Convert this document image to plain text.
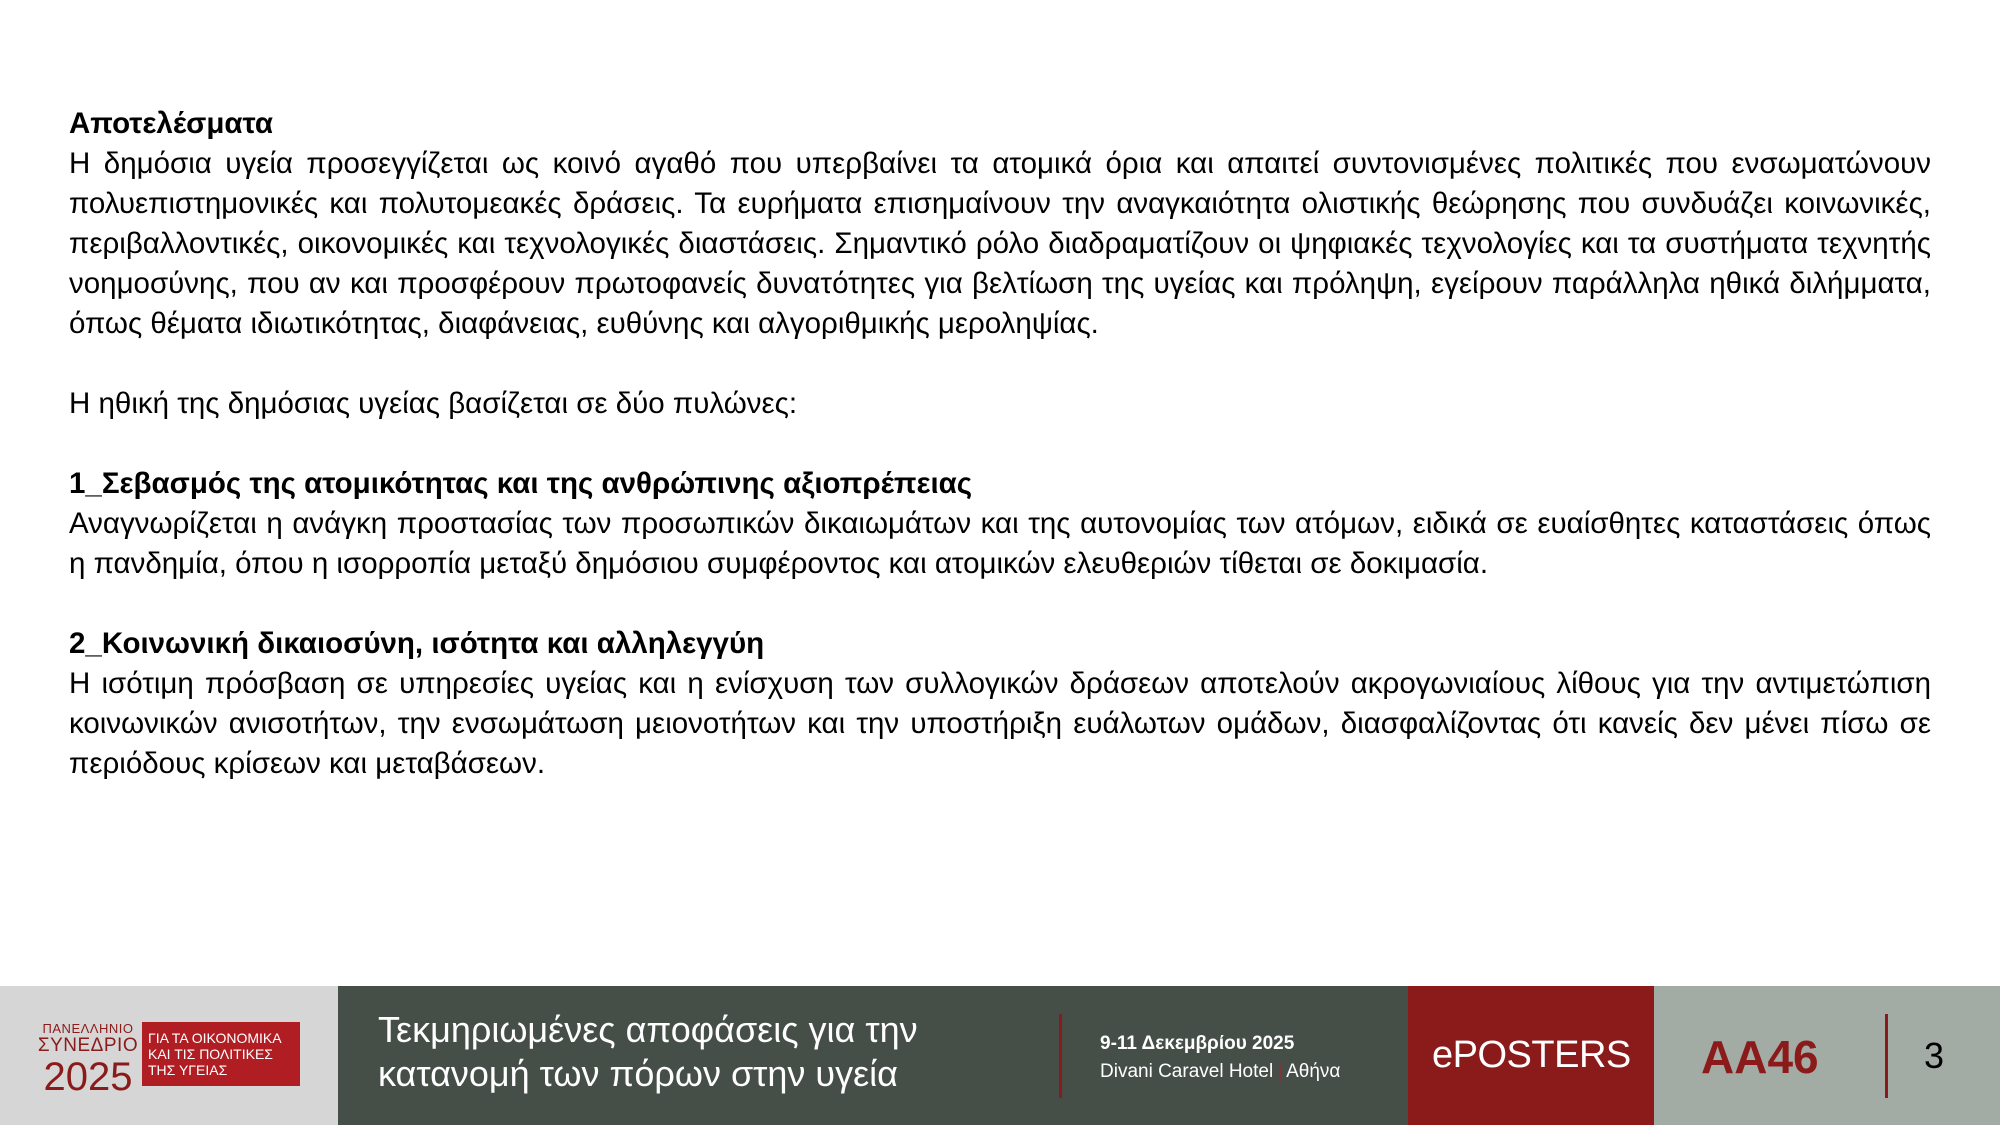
Αποτελέσματα

Η δημόσια υγεία προσεγγίζεται ως κοινό αγαθό που υπερβαίνει τα ατομικά όρια και απαιτεί συντονισμένες πολιτικές που ενσωματώνουν πολυεπιστημονικές και πολυτομεακές δράσεις. Τα ευρήματα επισημαίνουν την αναγκαιότητα ολιστικής θεώρησης που συνδυάζει κοινωνικές, περιβαλλοντικές, οικονομικές και τεχνολογικές διαστάσεις. Σημαντικό ρόλο διαδραματίζουν οι ψηφιακές τεχνολογίες και τα συστήματα τεχνητής νοημοσύνης, που αν και προσφέρουν πρωτοφανείς δυνατότητες για βελτίωση της υγείας και πρόληψη, εγείρουν παράλληλα ηθικά διλήμματα, όπως θέματα ιδιωτικότητας, διαφάνειας, ευθύνης και αλγοριθμικής μεροληψίας.

Η ηθική της δημόσιας υγείας βασίζεται σε δύο πυλώνες:

1_Σεβασμός της ατομικότητας και της ανθρώπινης αξιοπρέπειας

Αναγνωρίζεται η ανάγκη προστασίας των προσωπικών δικαιωμάτων και της αυτονομίας των ατόμων, ειδικά σε ευαίσθητες καταστάσεις όπως η πανδημία, όπου η ισορροπία μεταξύ δημόσιου συμφέροντος και ατομικών ελευθεριών τίθεται σε δοκιμασία.

2_Κοινωνική δικαιοσύνη, ισότητα και αλληλεγγύη

Η ισότιμη πρόσβαση σε υπηρεσίες υγείας και η ενίσχυση των συλλογικών δράσεων αποτελούν ακρογωνιαίους λίθους για την αντιμετώπιση κοινωνικών ανισοτήτων, την ενσωμάτωση μειονοτήτων και την υποστήριξη ευάλωτων ομάδων, διασφαλίζοντας ότι κανείς δεν μένει πίσω σε περιόδους κρίσεων και μεταβάσεων.

ΠΑΝΕΛΛΗΝΙΟ
ΣΥΝΕΔΡΙΟ
2025
ΓΙΑ ΤΑ ΟΙΚΟΝΟΜΙΚΑ
ΚΑΙ ΤΙΣ ΠΟΛΙΤΙΚΕΣ
ΤΗΣ ΥΓΕΙΑΣ
Τεκμηριωμένες αποφάσεις για την
κατανομή των πόρων στην υγεία
9-11 Δεκεμβρίου 2025
Divani Caravel Hotel | Αθήνα ePOSTERS ΑΑ46	3
